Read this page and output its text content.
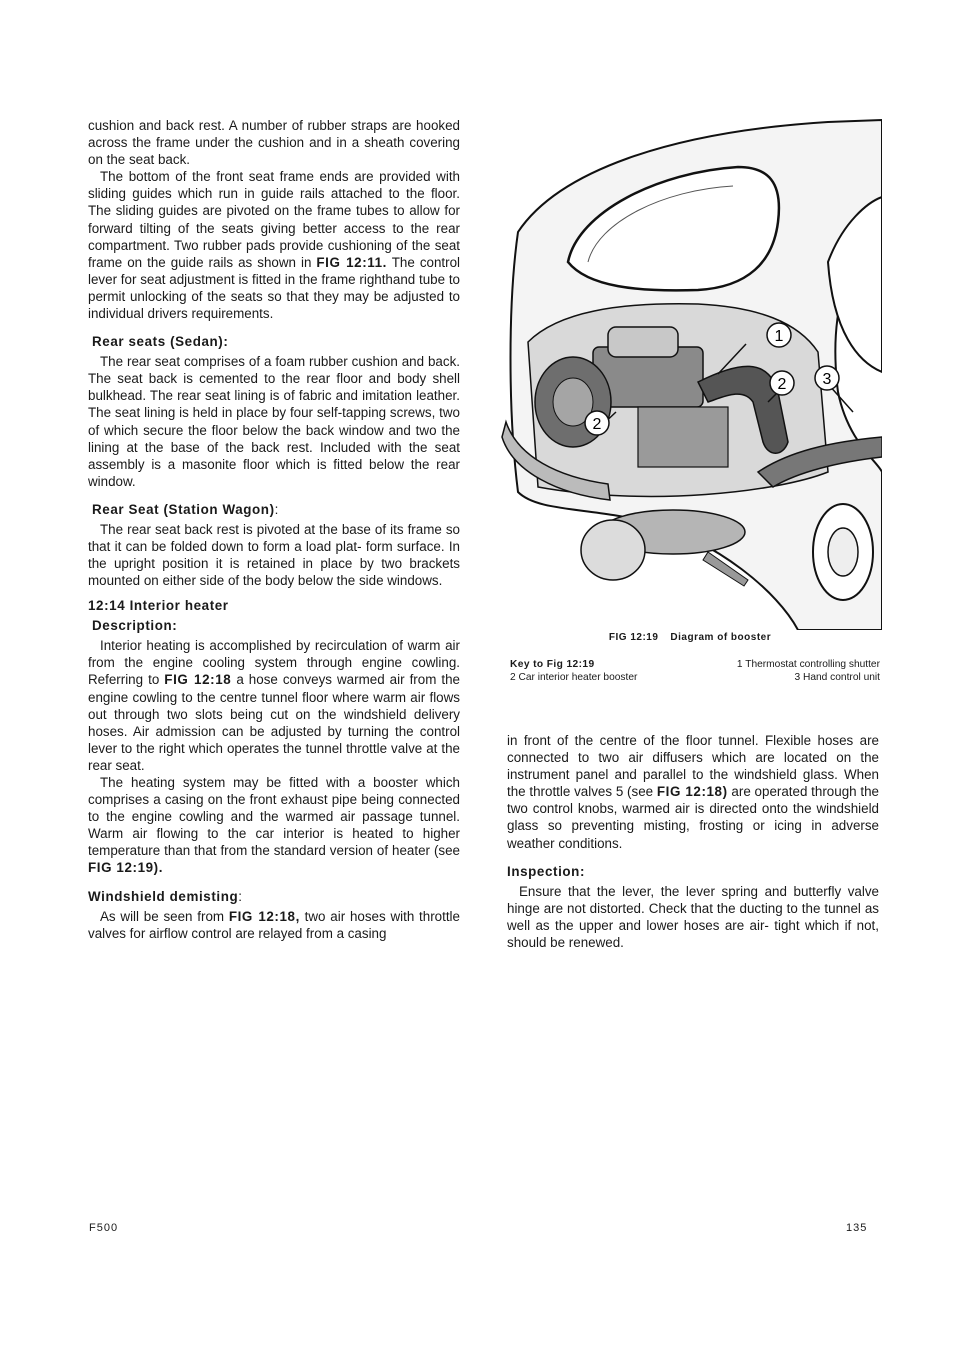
cushion and back rest. A number of rubber straps are hooked across the frame under the cushion and in a sheath covering on the seat back.

The bottom of the front seat frame ends are provided with sliding guides which run in guide rails attached to the floor. The sliding guides are pivoted on the frame tubes to allow for forward tilting of the seats giving better access to the rear compartment. Two rubber pads provide cushioning of the seat frame on the guide rails as shown in FIG 12:11. The control lever for seat adjustment is fitted in the frame righthand tube to permit unlocking of the seats so that they may be adjusted to individual drivers requirements.

Rear seats (Sedan):

The rear seat comprises of a foam rubber cushion and back. The seat back is cemented to the rear floor and body shell bulkhead. The rear seat lining is of fabric and imitation leather. The seat lining is held in place by four self-tapping screws, two of which secure the floor below the back window and two the lining at the base of the back rest. Included with the seat assembly is a masonite floor which is fitted below the rear window.

Rear Seat (Station Wagon):

The rear seat back rest is pivoted at the base of its frame so that it can be folded down to form a load plat- form surface. In the upright position it is retained in place by two brackets mounted on either side of the body below the side windows.

12:14 Interior heater
Description:

Interior heating is accomplished by recirculation of warm air from the engine cooling system through engine cowling. Referring to FIG 12:18 a hose conveys warmed air from the engine cowling to the centre tunnel floor where warm air flows out through two slots being cut on the windshield delivery hoses. Air admission can be adjusted by turning the control lever to the right which operates the tunnel throttle valve at the rear seat.

The heating system may be fitted with a booster which comprises a casing on the front exhaust pipe being connected to the engine cowling and the warmed air passage tunnel. Warm air flowing to the car interior is heated to higher temperature than that from the standard version of heater (see FIG 12:19).

Windshield demisting:

As will be seen from FIG 12:18, two air hoses with throttle valves for airflow control are relayed from a casing

1
2 3
2
FIG 12:19 Diagram of booster
Key to Fig 12:19	1 Thermostat controlling shutter
2 Car interior heater booster	3 Hand control unit

in front of the centre of the floor tunnel. Flexible hoses are connected to two air diffusers which are located on the instrument panel and parallel to the windshield glass. When the throttle valves 5 (see FIG 12:18) are operated through the two control knobs, warmed air is directed onto the windshield glass so preventing misting, frosting or icing in adverse weather conditions.

Inspection:

Ensure that the lever, the lever spring and butterfly valve hinge are not distorted. Check that the ducting to the tunnel as well as the upper and lower hoses are air- tight which if not, should be renewed.

F500	135
